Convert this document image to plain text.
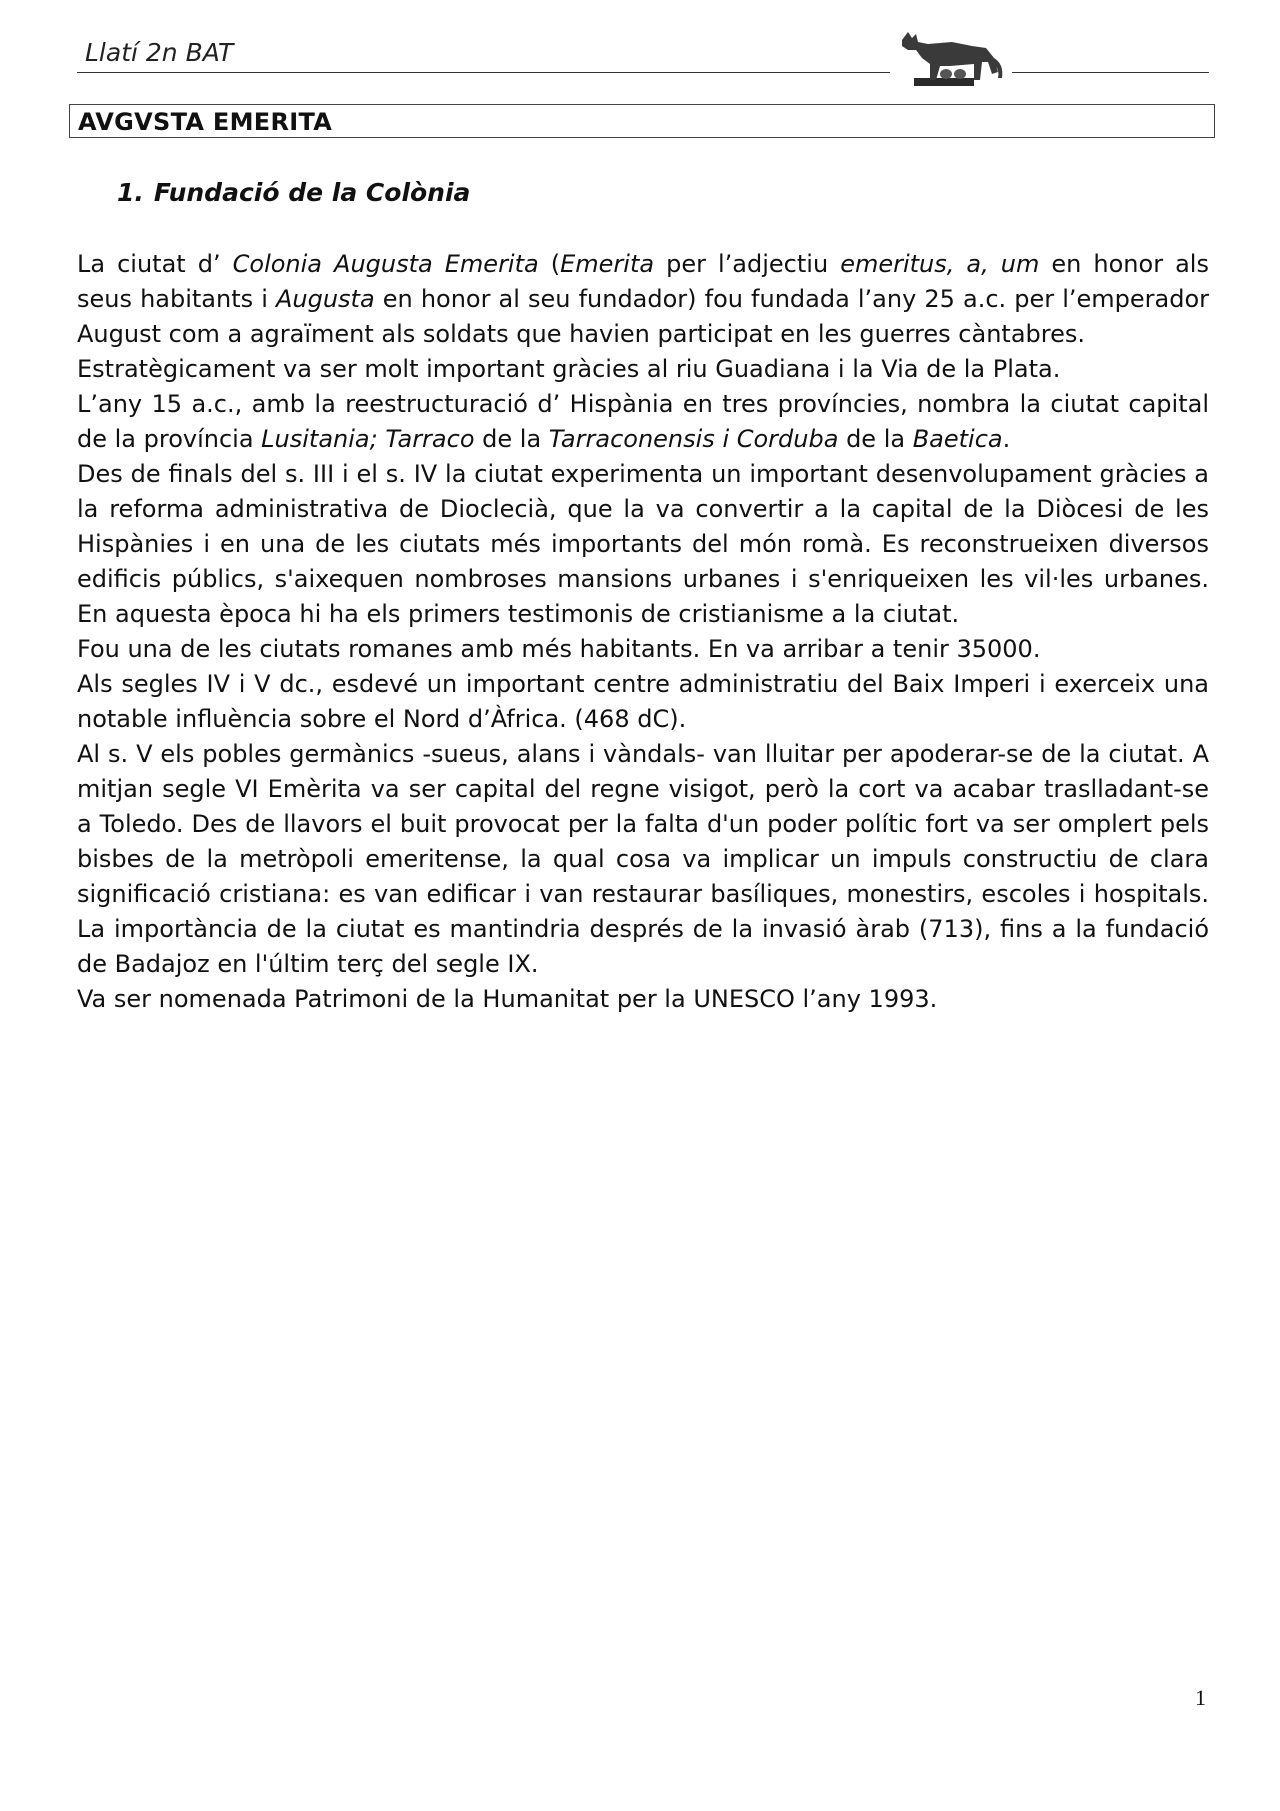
Llatí 2n BAT
AVGVSTA EMERITA
1. Fundació de la Colònia

La ciutat d’ Colonia Augusta Emerita (Emerita per l’adjectiu emeritus, a, um en honor als seus habitants i Augusta en honor al seu fundador) fou fundada l’any 25 a.c. per l’emperador August com a agraïment als soldats que havien participat en les guerres càntabres.

Estratègicament va ser molt important gràcies al riu Guadiana i la Via de la Plata.

L’any 15 a.c., amb la reestructuració d’ Hispània en tres províncies, nombra la ciutat capital de la província Lusitania; Tarraco de la Tarraconensis i Corduba de la Baetica.

Des de finals del s. III i el s. IV la ciutat experimenta un important desenvolupament gràcies a la reforma administrativa de Dioclecià, que la va convertir a la capital de la Diòcesi de les Hispànies i en una de les ciutats més importants del món romà. Es reconstrueixen diversos edificis públics, s'aixequen nombroses mansions urbanes i s'enriqueixen les vil·les urbanes. En aquesta època hi ha els primers testimonis de cristianisme a la ciutat.

Fou una de les ciutats romanes amb més habitants. En va arribar a tenir 35000.

Als segles IV i V dc., esdevé un important centre administratiu del Baix Imperi i exerceix una notable influència sobre el Nord d’Àfrica. (468 dC).

Al s. V els pobles germànics -sueus, alans i vàndals- van lluitar per apoderar-se de la ciutat. A mitjan segle VI Emèrita va ser capital del regne visigot, però la cort va acabar traslladant-se a Toledo. Des de llavors el buit provocat per la falta d'un poder polític fort va ser omplert pels bisbes de la metròpoli emeritense, la qual cosa va implicar un impuls constructiu de clara significació cristiana: es van edificar i van restaurar basíliques, monestirs, escoles i hospitals. La importància de la ciutat es mantindria després de la invasió àrab (713), fins a la fundació de Badajoz en l'últim terç del segle IX.

Va ser nomenada Patrimoni de la Humanitat per la UNESCO l’any 1993.

1
